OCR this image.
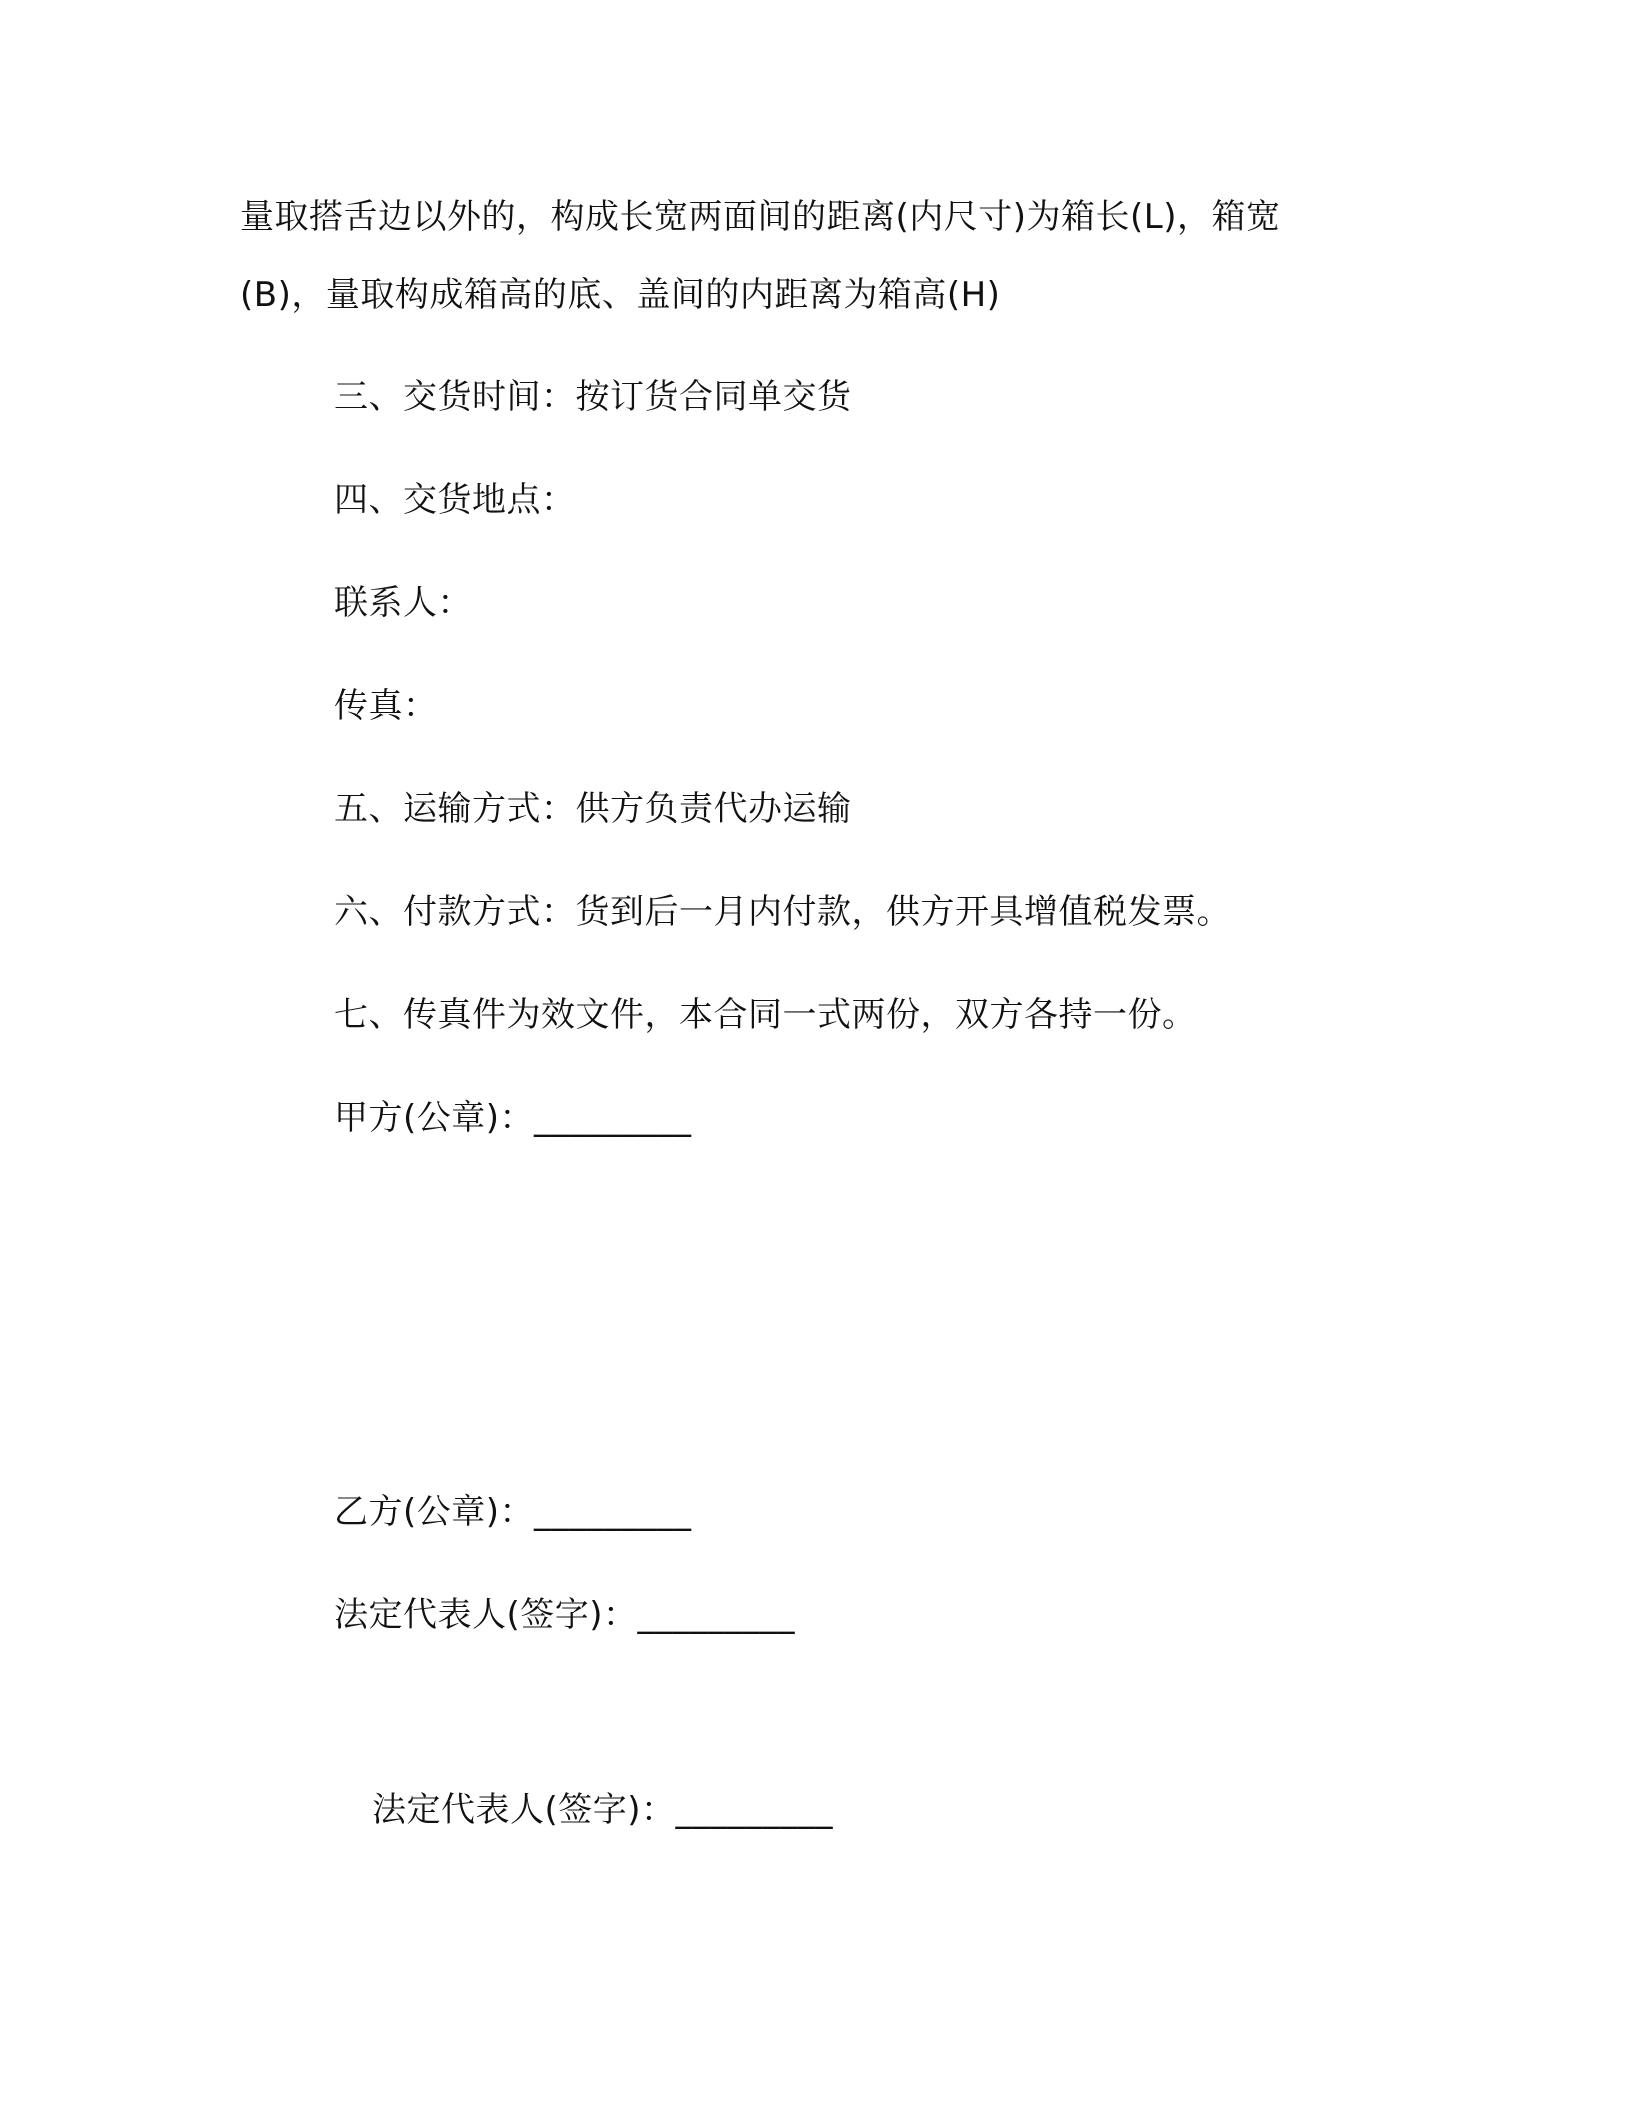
量取搭舌边以外的，构成长宽两面间的距离(内尺寸)为箱长(L)，箱宽
(B)，量取构成箱高的底、盖间的内距离为箱高(H)
三、交货时间：按订货合同单交货
四、交货地点：
联系人：
传真：
五、运输方式：供方负责代办运输
六、付款方式：货到后一月内付款，供方开具增值税发票。
七、传真件为效文件，本合同一式两份，双方各持一份。
甲方(公章)：_________
乙方(公章)：_________
法定代表人(签字)：_________
法定代表人(签字)：_________
